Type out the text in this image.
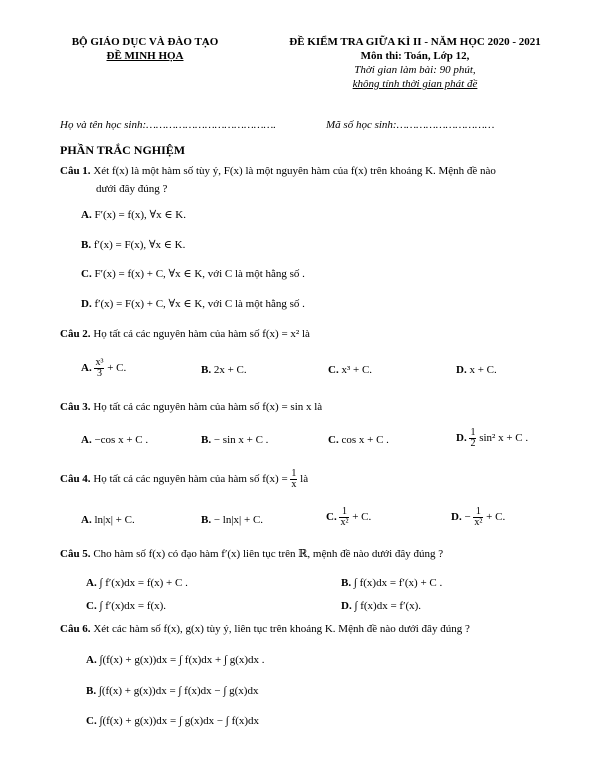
BỘ GIÁO DỤC VÀ ĐÀO TẠO
ĐỀ MINH HỌA
ĐỀ KIỂM TRA GIỮA KÌ II - NĂM HỌC 2020 - 2021
Môn thi: Toán, Lớp 12,
Thời gian làm bài: 90 phút,
không tính thời gian phát đề
Họ và tên học sinh:………………………………….	Mã số học sinh:…………………………
PHẦN TRẮC NGHIỆM
Câu 1. Xét f(x) là một hàm số tùy ý, F(x) là một nguyên hàm của f(x) trên khoảng K. Mệnh đề nào
dưới đây đúng ?
A. F′(x) = f(x), ∀x ∈ K.
B. f′(x) = F(x), ∀x ∈ K.
C. F′(x) = f(x) + C, ∀x ∈ K, với C là một hằng số .
D. f′(x) = F(x) + C, ∀x ∈ K, với C là một hằng số .
Câu 2. Họ tất cả các nguyên hàm của hàm số f(x) = x² là
A. $\frac{\text{x³}}{3} + C$.	B. 2x + C.	C. x³ + C.	D. x + C.
Câu 3. Họ tất cả các nguyên hàm của hàm số f(x) = sin x là
A. −cos x + C .	B. − sin x + C .	C. cos x + C .	D. $\frac{1}{2} \sin^2$ x + C .
Câu 4. Họ tất cả các nguyên hàm của hàm số $f(x) = \frac{1}{x}$ là
A. ln|x| + C.	B. − ln|x| + C.	C. $\frac{1}{\text{x²}} + C$.	D. − $\frac{1}{\text{x²}} + C$.
Câu 5. Cho hàm số f(x) có đạo hàm f′(x) liên tục trên ℝ, mệnh đề nào dưới đây đúng ?
A. ∫ f′(x)dx = f(x) + C .	B. ∫ f(x)dx = f′(x) + C .
C. ∫ f′(x)dx = f(x).	D. ∫ f(x)dx = f′(x).
Câu 6. Xét các hàm số f(x), g(x) tùy ý, liên tục trên khoảng K. Mệnh đề nào dưới đây đúng ?
A. ∫(f(x) + g(x))dx = ∫ f(x)dx + ∫ g(x)dx .
B. ∫(f(x) + g(x))dx = ∫ f(x)dx − ∫ g(x)dx
C. ∫(f(x) + g(x))dx = ∫ g(x)dx − ∫ f(x)dx
